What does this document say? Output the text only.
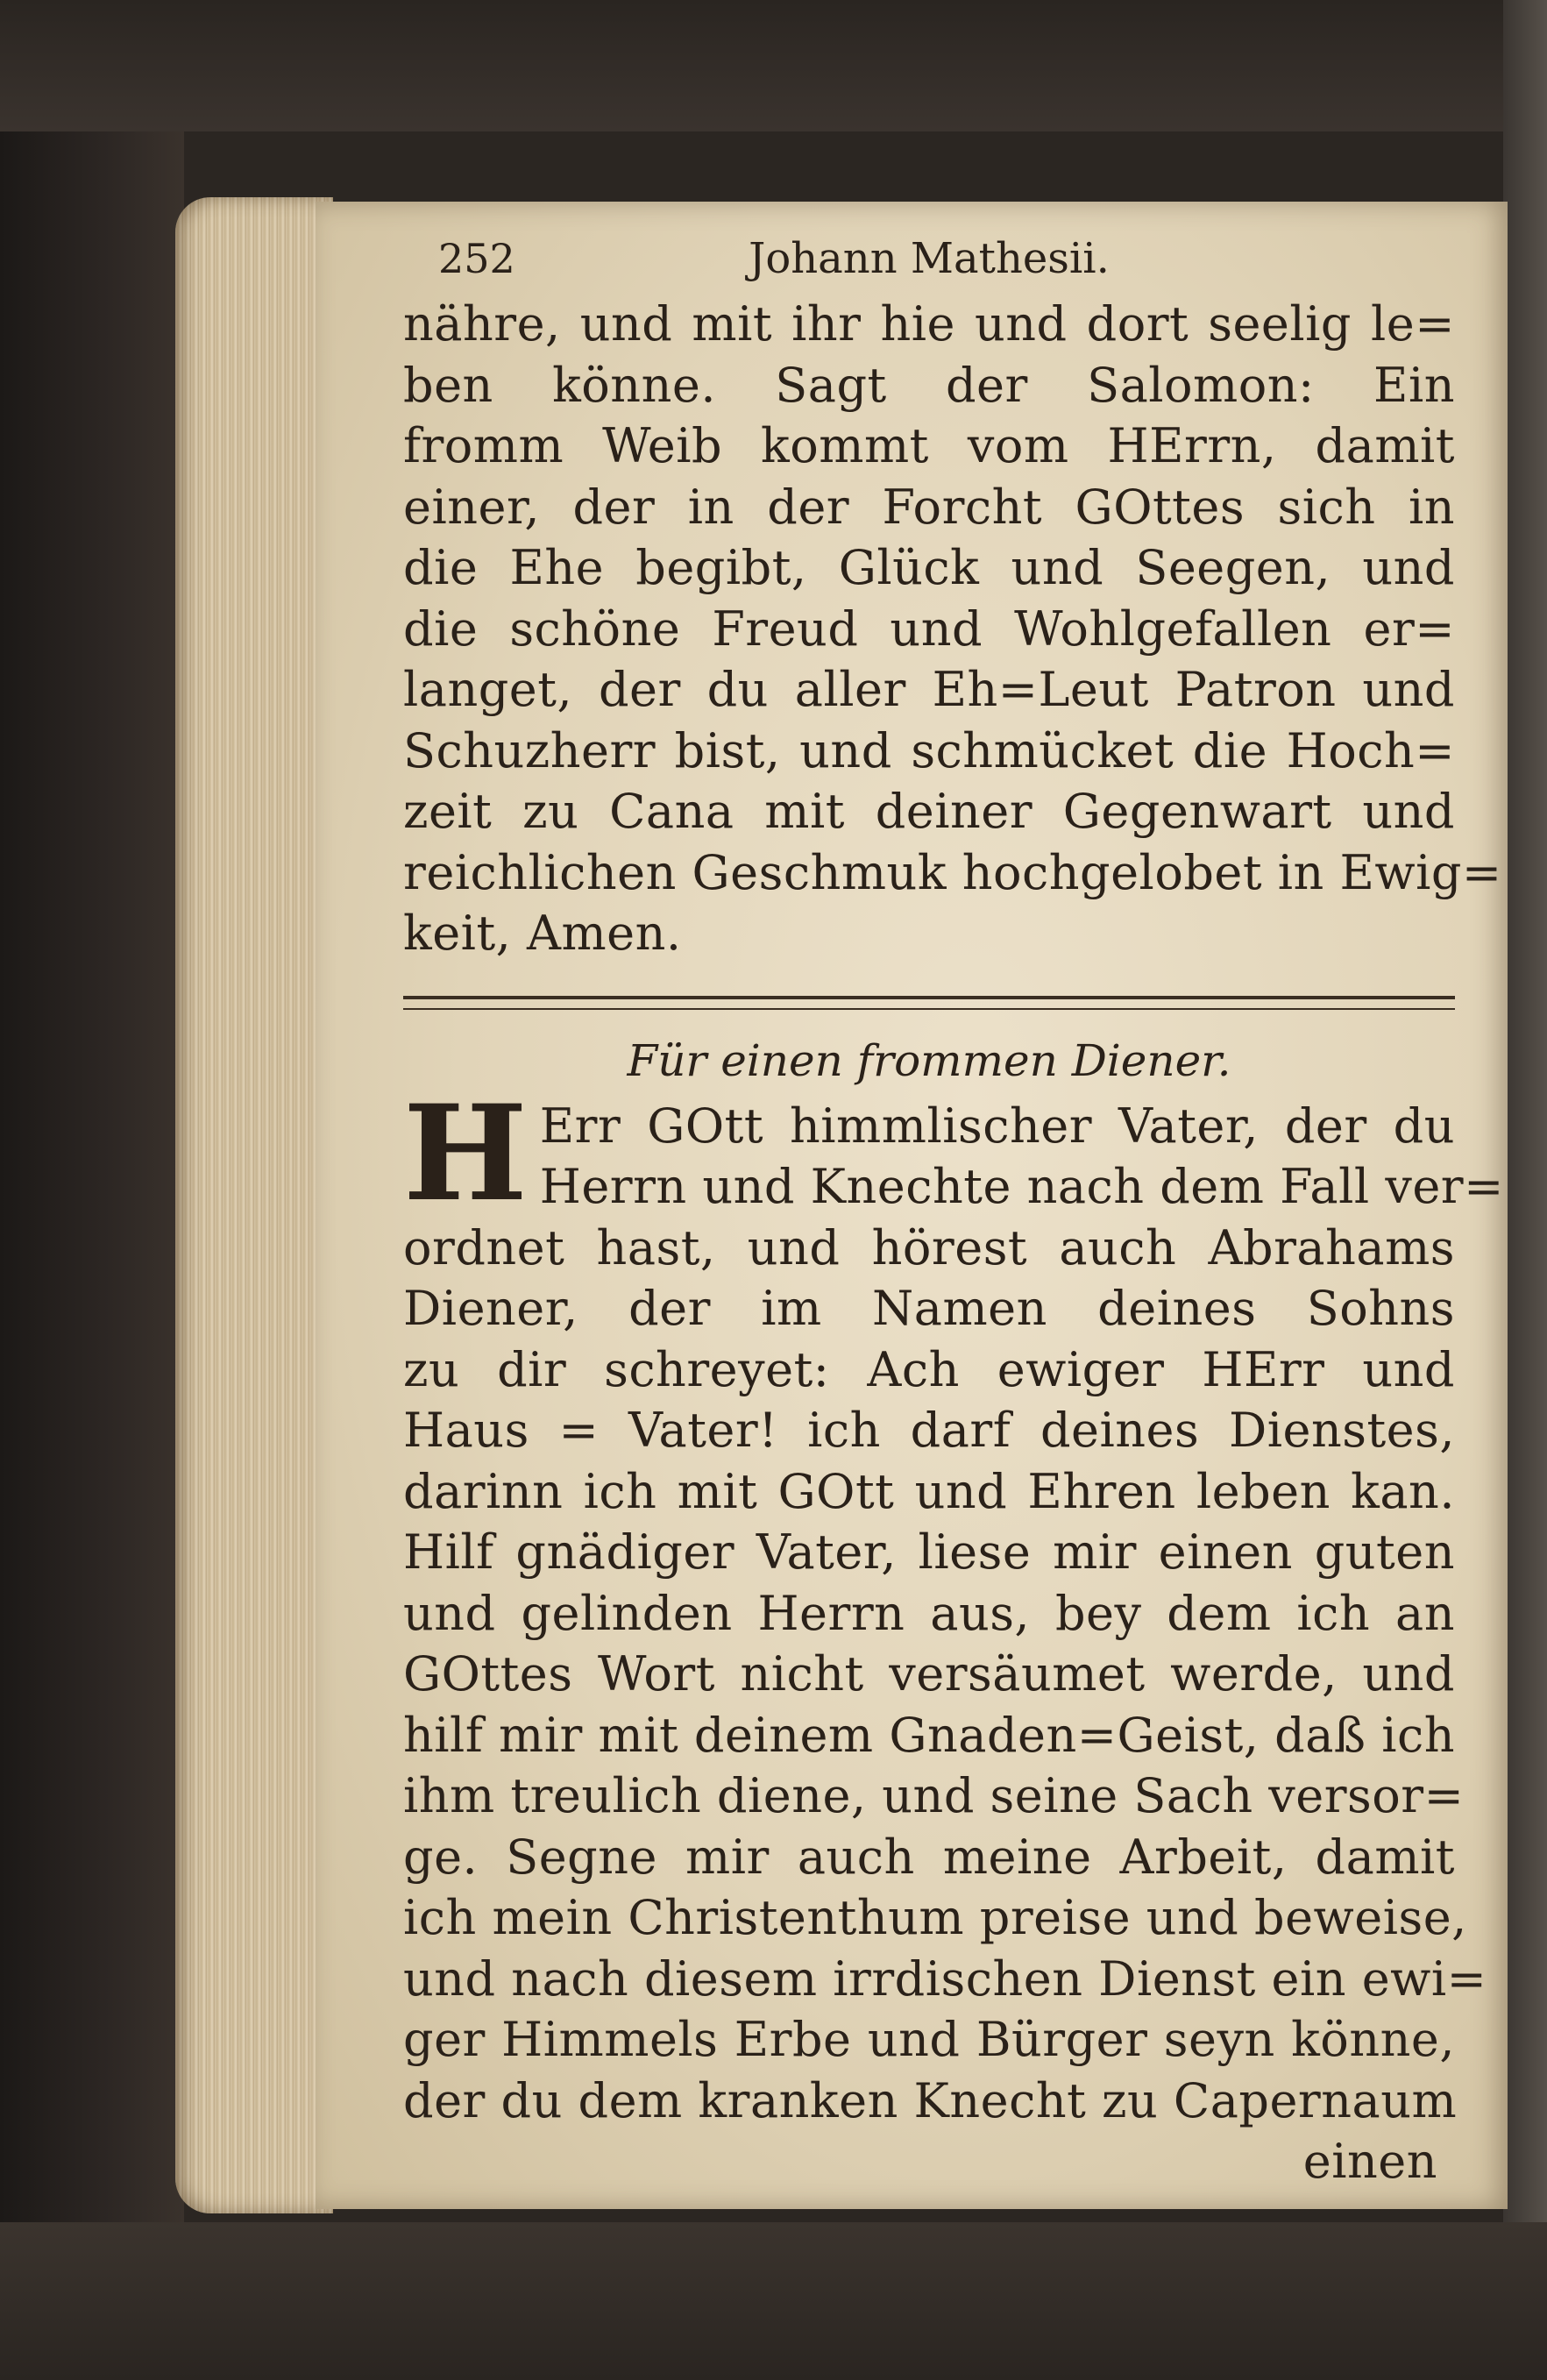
252	Johann Mathesii.
nähre, und mit ihr hie und dort seelig le=
ben könne. Sagt der Salomon: Ein
fromm Weib kommt vom HErrn, damit
einer, der in der Forcht GOttes sich in
die Ehe begibt, Glück und Seegen, und
die schöne Freud und Wohlgefallen er=
langet, der du aller Eh=Leut Patron und
Schuzherr bist, und schmücket die Hoch=
zeit zu Cana mit deiner Gegenwart und
reichlichen Geschmuk hochgelobet in Ewig=
keit, Amen.
Für einen frommen Diener.
H Err GOtt himmlischer Vater, der du
Herrn und Knechte nach dem Fall ver=
ordnet hast, und hörest auch Abrahams
Diener, der im Namen deines Sohns
zu dir schreyet: Ach ewiger HErr und
Haus = Vater! ich darf deines Dienstes,
darinn ich mit GOtt und Ehren leben kan.
Hilf gnädiger Vater, liese mir einen guten
und gelinden Herrn aus, bey dem ich an
GOttes Wort nicht versäumet werde, und
hilf mir mit deinem Gnaden=Geist, daß ich
ihm treulich diene, und seine Sach versor=
ge. Segne mir auch meine Arbeit, damit
ich mein Christenthum preise und beweise,
und nach diesem irrdischen Dienst ein ewi=
ger Himmels Erbe und Bürger seyn könne,
der du dem kranken Knecht zu Capernaum
einen
